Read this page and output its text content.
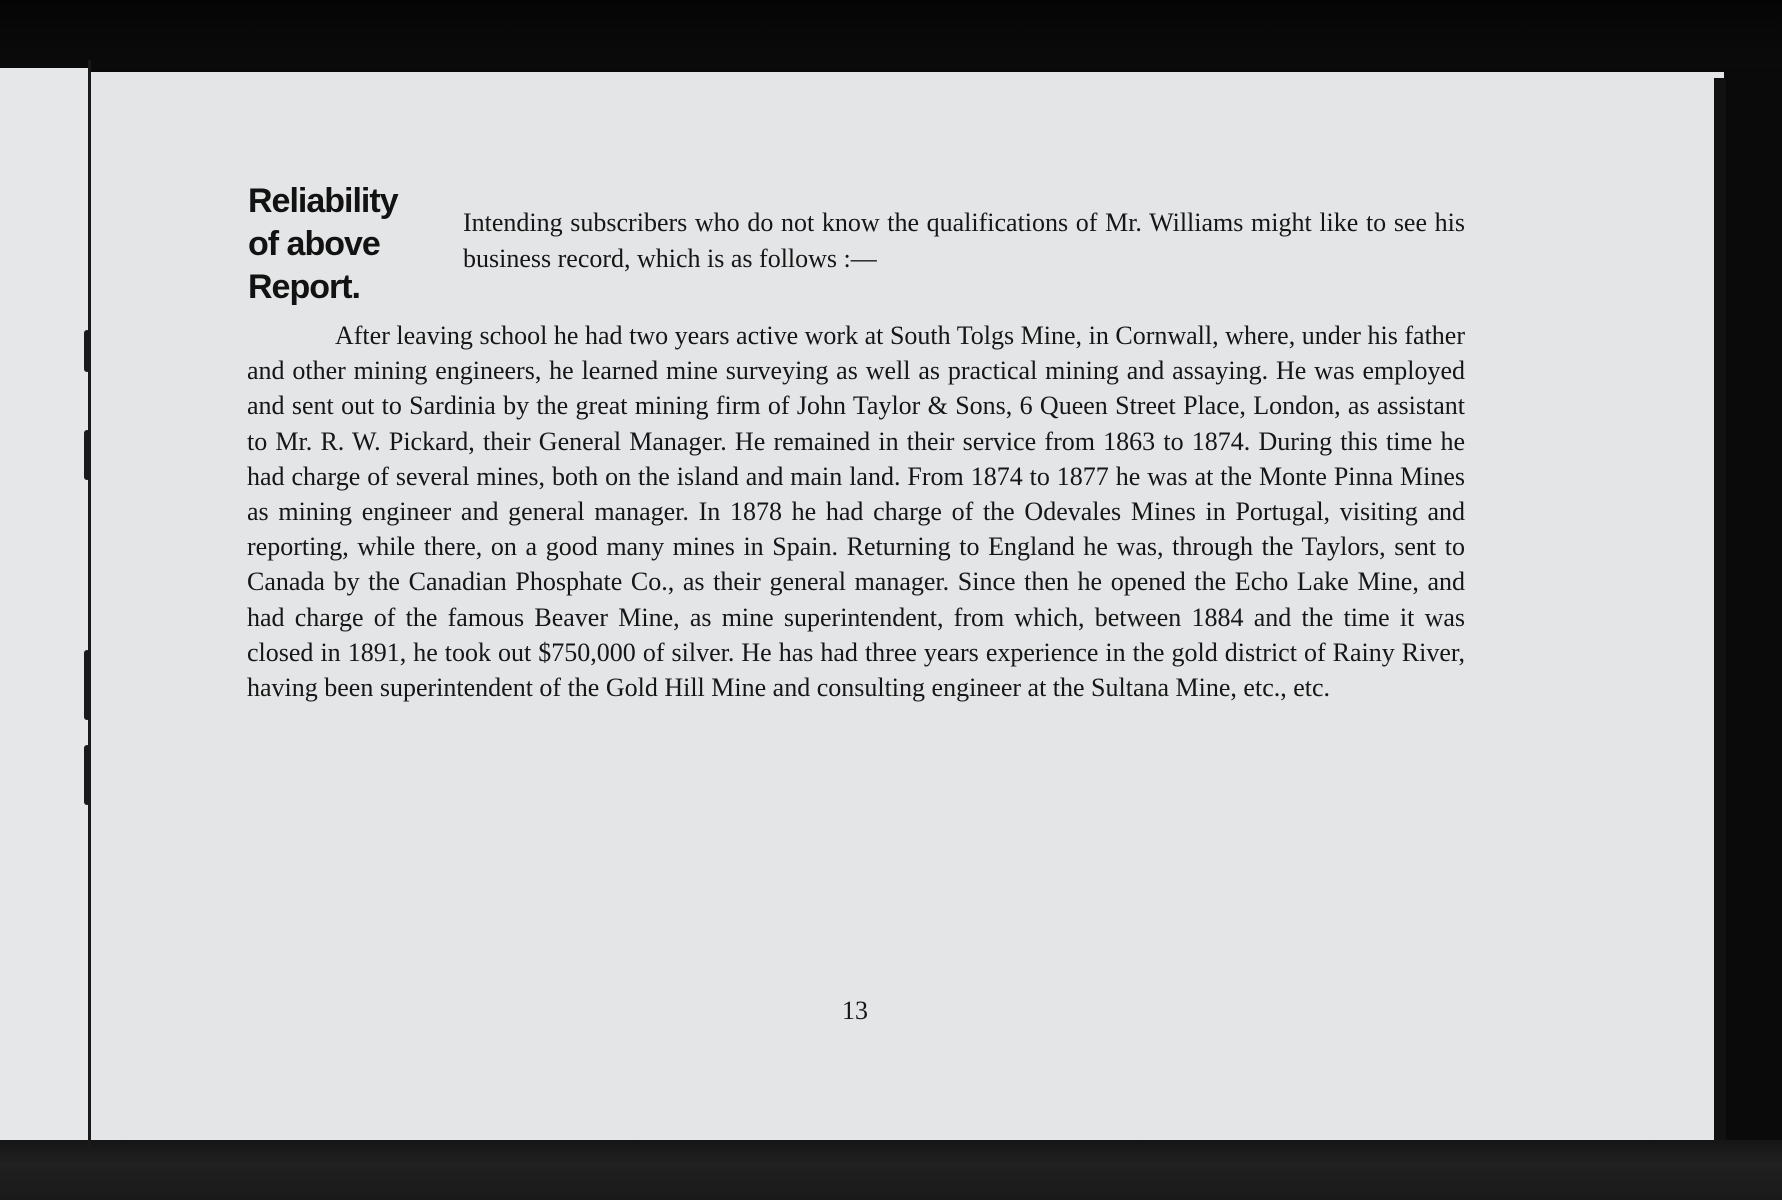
Reliability
of above
Report.
Intending subscribers who do not know the qualifications of Mr. Williams might like to see his business record, which is as follows :—
After leaving school he had two years active work at South Tolgs Mine, in Cornwall, where, under his father and other mining engineers, he learned mine surveying as well as practical mining and assaying. He was employed and sent out to Sardinia by the great mining firm of John Taylor & Sons, 6 Queen Street Place, London, as assistant to Mr. R. W. Pickard, their General Manager. He remained in their service from 1863 to 1874. During this time he had charge of several mines, both on the island and main land. From 1874 to 1877 he was at the Monte Pinna Mines as mining engineer and general manager. In 1878 he had charge of the Odevales Mines in Portugal, visiting and reporting, while there, on a good many mines in Spain. Returning to England he was, through the Taylors, sent to Canada by the Canadian Phosphate Co., as their general manager. Since then he opened the Echo Lake Mine, and had charge of the famous Beaver Mine, as mine superintendent, from which, between 1884 and the time it was closed in 1891, he took out $750,000 of silver. He has had three years experience in the gold district of Rainy River, having been superintendent of the Gold Hill Mine and consulting engineer at the Sultana Mine, etc., etc.
13
